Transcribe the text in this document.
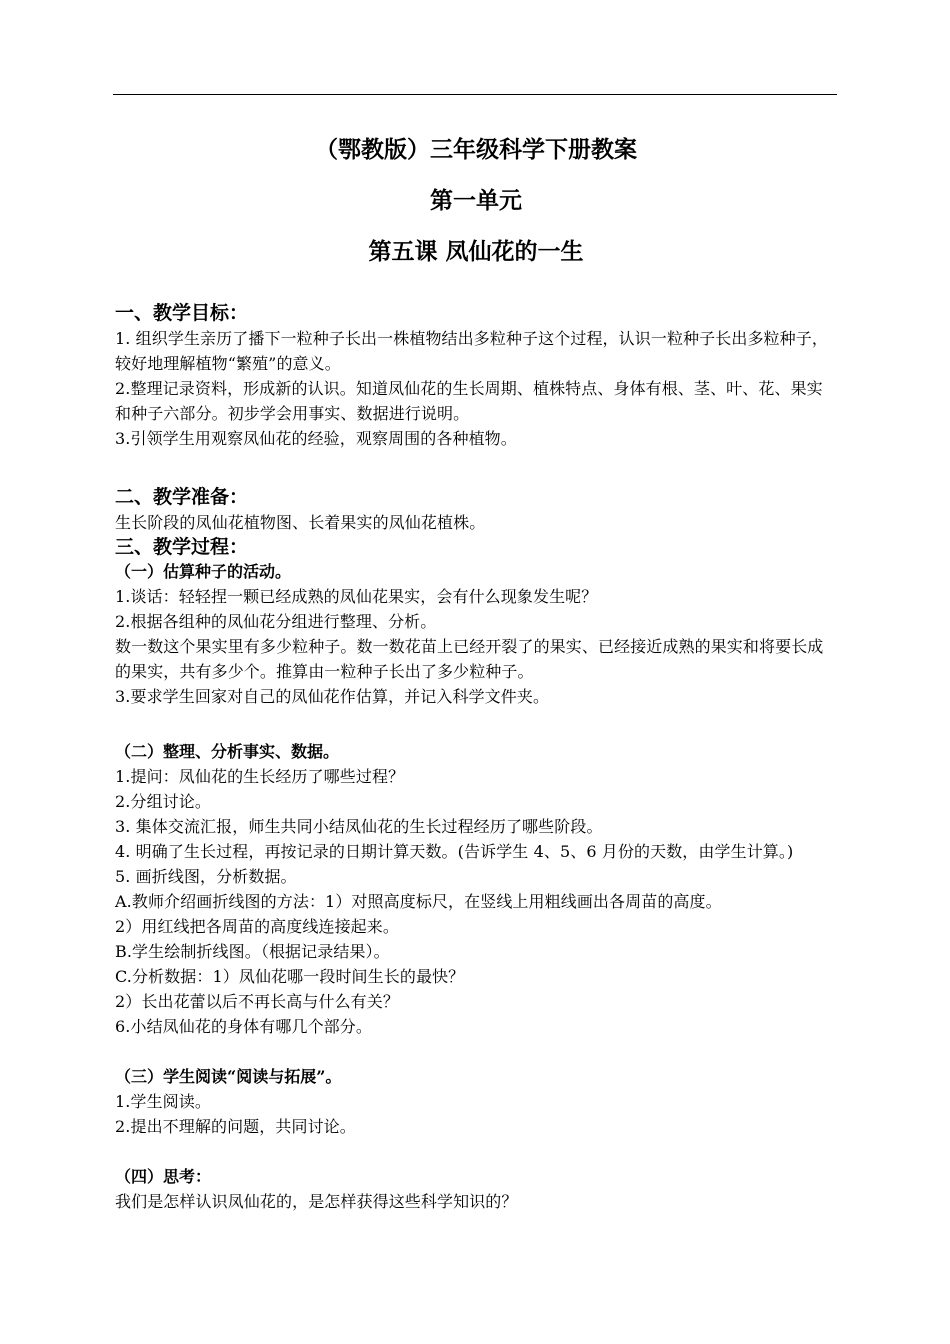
（鄂教版）三年级科学下册教案
第一单元
第五课 凤仙花的一生
一、教学目标：
1. 组织学生亲历了播下一粒种子长出一株植物结出多粒种子这个过程，认识一粒种子长出多粒种子，较好地理解植物“繁殖”的意义。
2.整理记录资料，形成新的认识。知道凤仙花的生长周期、植株特点、身体有根、茎、叶、花、果实和种子六部分。初步学会用事实、数据进行说明。
3.引领学生用观察凤仙花的经验，观察周围的各种植物。
二、教学准备：
生长阶段的凤仙花植物图、长着果实的凤仙花植株。
三、教学过程：
（一）估算种子的活动。
1.谈话：轻轻捏一颗已经成熟的凤仙花果实，会有什么现象发生呢？
2.根据各组种的凤仙花分组进行整理、分析。
数一数这个果实里有多少粒种子。数一数花苗上已经开裂了的果实、已经接近成熟的果实和将要长成的果实，共有多少个。推算由一粒种子长出了多少粒种子。
3.要求学生回家对自己的凤仙花作估算，并记入科学文件夹。
（二）整理、分析事实、数据。
1.提问：凤仙花的生长经历了哪些过程？
2.分组讨论。
3. 集体交流汇报，师生共同小结凤仙花的生长过程经历了哪些阶段。
4. 明确了生长过程，再按记录的日期计算天数。(告诉学生 4、5、6 月份的天数，由学生计算。)
5. 画折线图，分析数据。
A.教师介绍画折线图的方法：1）对照高度标尺，在竖线上用粗线画出各周苗的高度。
2）用红线把各周苗的高度线连接起来。
B.学生绘制折线图。（根据记录结果）。
C.分析数据：1）凤仙花哪一段时间生长的最快？
2）长出花蕾以后不再长高与什么有关？
6.小结凤仙花的身体有哪几个部分。
（三）学生阅读“阅读与拓展”。
1.学生阅读。
2.提出不理解的问题，共同讨论。
（四）思考：
我们是怎样认识凤仙花的，是怎样获得这些科学知识的？
